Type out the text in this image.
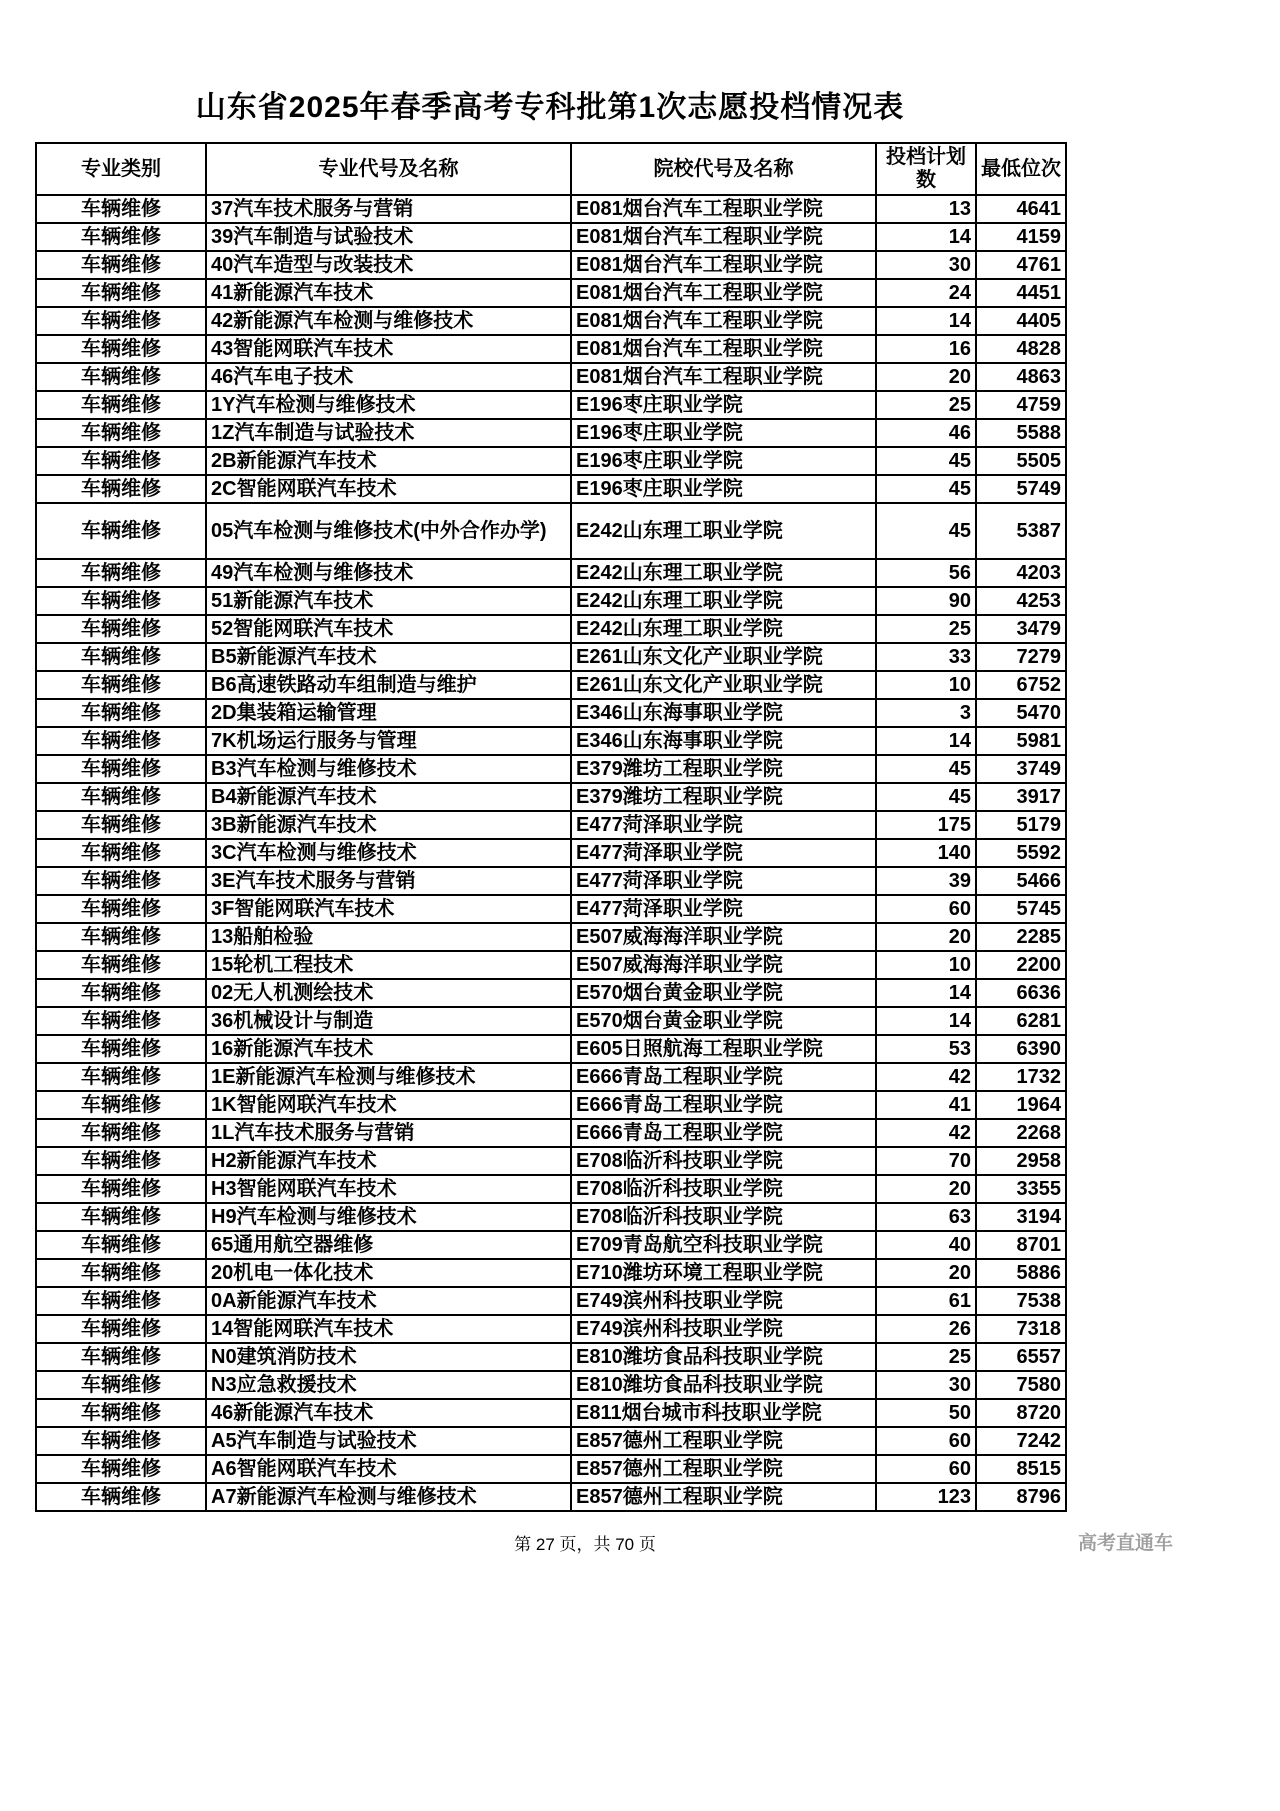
山东省2025年春季高考专科批第1次志愿投档情况表
专业类别	专业代号及名称	院校代号及名称	投档计划数	最低位次
车辆维修	37汽车技术服务与营销	E081烟台汽车工程职业学院	13	4641
车辆维修	39汽车制造与试验技术	E081烟台汽车工程职业学院	14	4159
车辆维修	40汽车造型与改装技术	E081烟台汽车工程职业学院	30	4761
车辆维修	41新能源汽车技术	E081烟台汽车工程职业学院	24	4451
车辆维修	42新能源汽车检测与维修技术	E081烟台汽车工程职业学院	14	4405
车辆维修	43智能网联汽车技术	E081烟台汽车工程职业学院	16	4828
车辆维修	46汽车电子技术	E081烟台汽车工程职业学院	20	4863
车辆维修	1Y汽车检测与维修技术	E196枣庄职业学院	25	4759
车辆维修	1Z汽车制造与试验技术	E196枣庄职业学院	46	5588
车辆维修	2B新能源汽车技术	E196枣庄职业学院	45	5505
车辆维修	2C智能网联汽车技术	E196枣庄职业学院	45	5749
车辆维修	05汽车检测与维修技术(中外合作办学)	E242山东理工职业学院	45	5387
车辆维修	49汽车检测与维修技术	E242山东理工职业学院	56	4203
车辆维修	51新能源汽车技术	E242山东理工职业学院	90	4253
车辆维修	52智能网联汽车技术	E242山东理工职业学院	25	3479
车辆维修	B5新能源汽车技术	E261山东文化产业职业学院	33	7279
车辆维修	B6高速铁路动车组制造与维护	E261山东文化产业职业学院	10	6752
车辆维修	2D集装箱运输管理	E346山东海事职业学院	3	5470
车辆维修	7K机场运行服务与管理	E346山东海事职业学院	14	5981
车辆维修	B3汽车检测与维修技术	E379潍坊工程职业学院	45	3749
车辆维修	B4新能源汽车技术	E379潍坊工程职业学院	45	3917
车辆维修	3B新能源汽车技术	E477菏泽职业学院	175	5179
车辆维修	3C汽车检测与维修技术	E477菏泽职业学院	140	5592
车辆维修	3E汽车技术服务与营销	E477菏泽职业学院	39	5466
车辆维修	3F智能网联汽车技术	E477菏泽职业学院	60	5745
车辆维修	13船舶检验	E507威海海洋职业学院	20	2285
车辆维修	15轮机工程技术	E507威海海洋职业学院	10	2200
车辆维修	02无人机测绘技术	E570烟台黄金职业学院	14	6636
车辆维修	36机械设计与制造	E570烟台黄金职业学院	14	6281
车辆维修	16新能源汽车技术	E605日照航海工程职业学院	53	6390
车辆维修	1E新能源汽车检测与维修技术	E666青岛工程职业学院	42	1732
车辆维修	1K智能网联汽车技术	E666青岛工程职业学院	41	1964
车辆维修	1L汽车技术服务与营销	E666青岛工程职业学院	42	2268
车辆维修	H2新能源汽车技术	E708临沂科技职业学院	70	2958
车辆维修	H3智能网联汽车技术	E708临沂科技职业学院	20	3355
车辆维修	H9汽车检测与维修技术	E708临沂科技职业学院	63	3194
车辆维修	65通用航空器维修	E709青岛航空科技职业学院	40	8701
车辆维修	20机电一体化技术	E710潍坊环境工程职业学院	20	5886
车辆维修	0A新能源汽车技术	E749滨州科技职业学院	61	7538
车辆维修	14智能网联汽车技术	E749滨州科技职业学院	26	7318
车辆维修	N0建筑消防技术	E810潍坊食品科技职业学院	25	6557
车辆维修	N3应急救援技术	E810潍坊食品科技职业学院	30	7580
车辆维修	46新能源汽车技术	E811烟台城市科技职业学院	50	8720
车辆维修	A5汽车制造与试验技术	E857德州工程职业学院	60	7242
车辆维修	A6智能网联汽车技术	E857德州工程职业学院	60	8515
车辆维修	A7新能源汽车检测与维修技术	E857德州工程职业学院	123	8796
第 27 页，共 70 页	高考直通车
